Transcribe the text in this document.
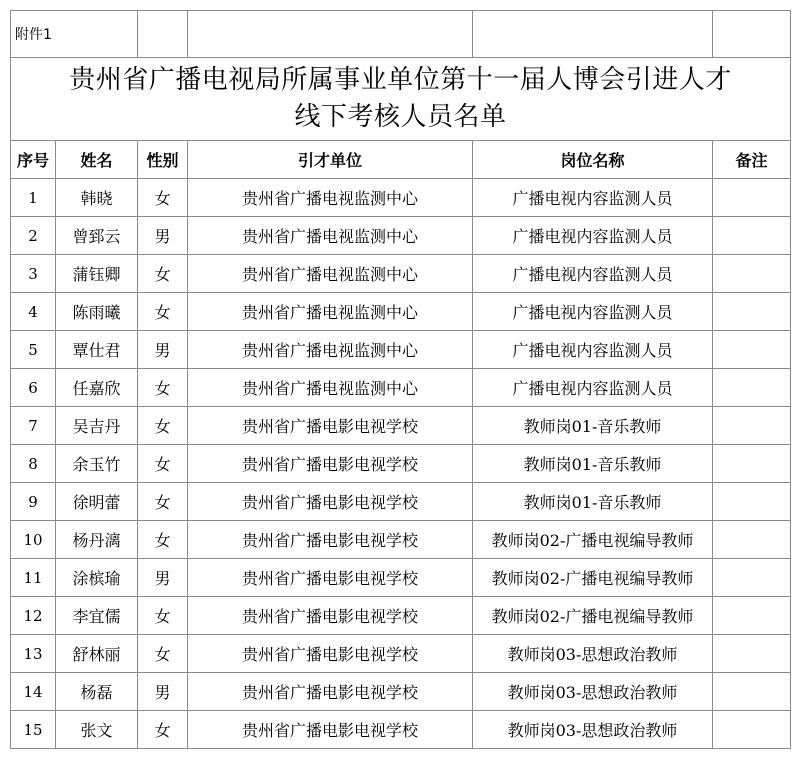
附件1					

贵州省广播电视局所属事业单位第十一届人博会引进人才
线下考核人员名单					

序号	姓名	性别	引才单位	岗位名称	备注
1	韩晓	女	贵州省广播电视监测中心	广播电视内容监测人员	
2	曾郅云	男	贵州省广播电视监测中心	广播电视内容监测人员	
3	蒲钰卿	女	贵州省广播电视监测中心	广播电视内容监测人员	
4	陈雨曦	女	贵州省广播电视监测中心	广播电视内容监测人员	
5	覃仕君	男	贵州省广播电视监测中心	广播电视内容监测人员	
6	任嘉欣	女	贵州省广播电视监测中心	广播电视内容监测人员	
7	吴吉丹	女	贵州省广播电影电视学校	教师岗01-音乐教师	
8	余玉竹	女	贵州省广播电影电视学校	教师岗01-音乐教师	
9	徐明蕾	女	贵州省广播电影电视学校	教师岗01-音乐教师	
10	杨丹漓	女	贵州省广播电影电视学校	教师岗02-广播电视编导教师	
11	涂槟瑜	男	贵州省广播电影电视学校	教师岗02-广播电视编导教师	
12	李宜儒	女	贵州省广播电影电视学校	教师岗02-广播电视编导教师	
13	舒林丽	女	贵州省广播电影电视学校	教师岗03-思想政治教师	
14	杨磊	男	贵州省广播电影电视学校	教师岗03-思想政治教师	
15	张文	女	贵州省广播电影电视学校	教师岗03-思想政治教师	
